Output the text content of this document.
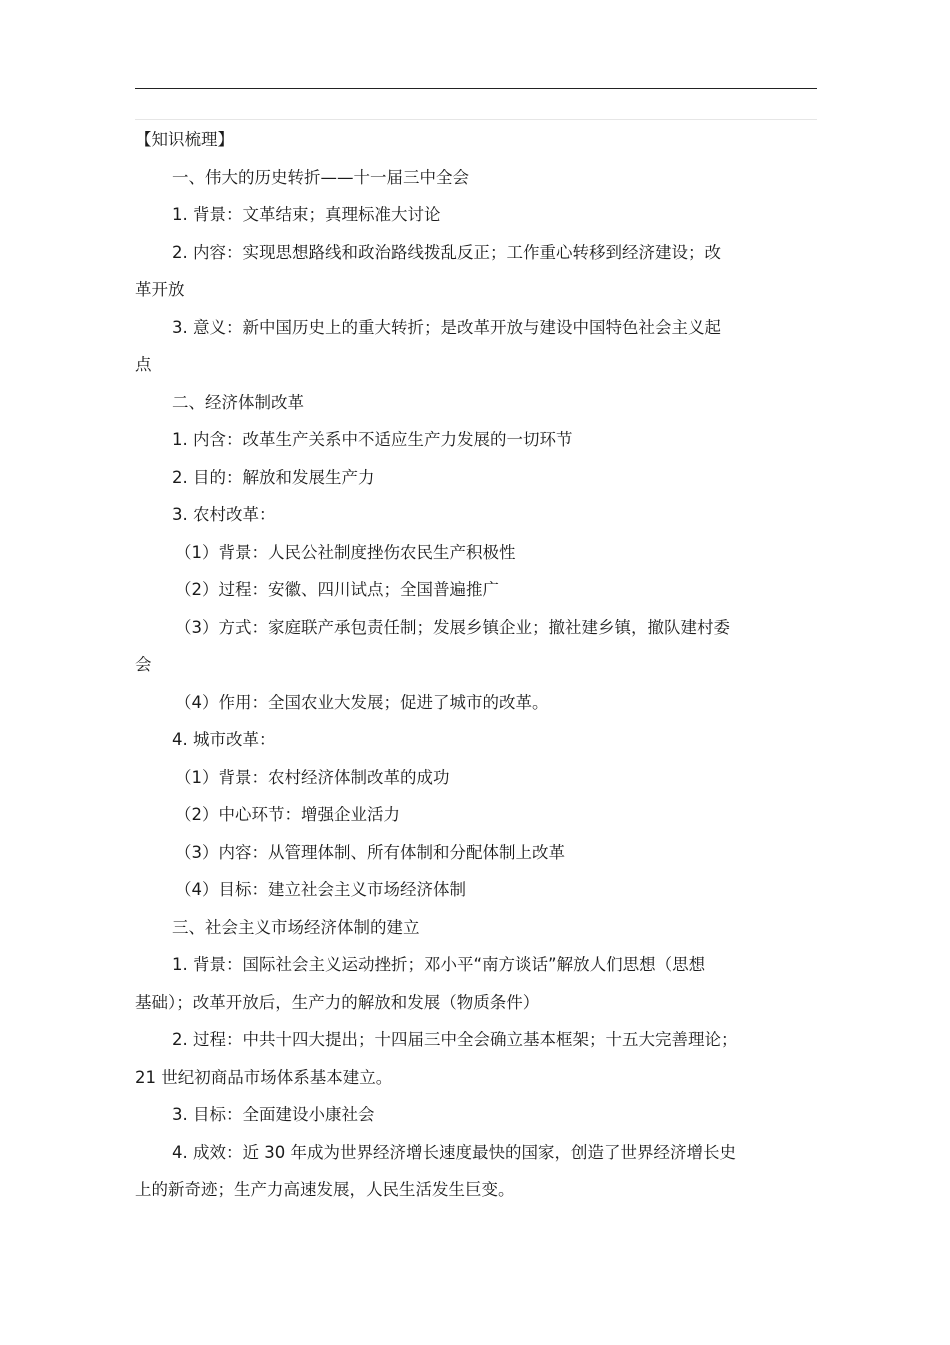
【知识梳理】
一、伟大的历史转折——十一届三中全会
1. 背景：文革结束；真理标准大讨论
2. 内容：实现思想路线和政治路线拨乱反正；工作重心转移到经济建设；改
革开放
3. 意义：新中国历史上的重大转折；是改革开放与建设中国特色社会主义起
点
二、经济体制改革
1. 内含：改革生产关系中不适应生产力发展的一切环节
2. 目的：解放和发展生产力
3. 农村改革：
（1）背景：人民公社制度挫伤农民生产积极性
（2）过程：安徽、四川试点；全国普遍推广
（3）方式：家庭联产承包责任制；发展乡镇企业；撤社建乡镇，撤队建村委
会
（4）作用：全国农业大发展；促进了城市的改革。
4. 城市改革：
（1）背景：农村经济体制改革的成功
（2）中心环节：增强企业活力
（3）内容：从管理体制、所有体制和分配体制上改革
（4）目标：建立社会主义市场经济体制
三、社会主义市场经济体制的建立
1. 背景：国际社会主义运动挫折；邓小平“南方谈话”解放人们思想（思想
基础）；改革开放后，生产力的解放和发展（物质条件）
2. 过程：中共十四大提出；十四届三中全会确立基本框架；十五大完善理论；
21 世纪初商品市场体系基本建立。
3. 目标：全面建设小康社会
4. 成效：近 30 年成为世界经济增长速度最快的国家，创造了世界经济增长史
上的新奇迹；生产力高速发展，人民生活发生巨变。
